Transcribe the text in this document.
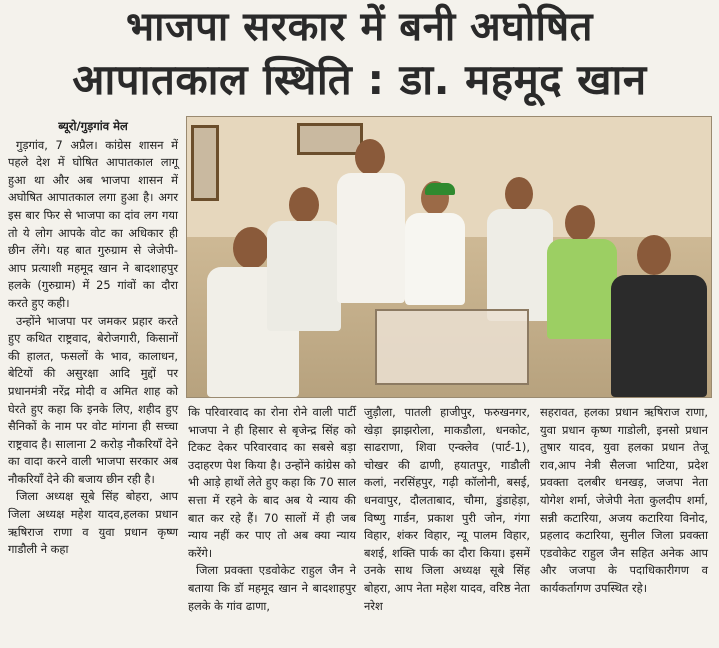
भाजपा सरकार में बनी अघोषित
आपातकाल स्थिति : डा. महमूद खान
ब्यूरो/गुड़गांव मेल

गुड़गांव, 7 अप्रैल। कांग्रेस शासन में पहले देश में घोषित आपातकाल लागू हुआ था और अब भाजपा शासन में अघोषित आपातकाल लगा हुआ है। अगर इस बार फिर से भाजपा का दांव लग गया तो ये लोग आपके वोट का अधिकार ही छीन लेंगे। यह बात गुरुग्राम से जेजेपी-आप प्रत्याशी महमूद खान ने बादशाहपुर हलके (गुरुग्राम) में 25 गांवों का दौरा करते हुए कही।

उन्होंने भाजपा पर जमकर प्रहार करते हुए कथित राष्ट्रवाद, बेरोजगारी, किसानों की हालत, फसलों के भाव, कालाधन, बेटियों की असुरक्षा आदि मुद्दों पर प्रधानमंत्री नरेंद्र मोदी व अमित शाह को घेरते हुए कहा कि इनके लिए, शहीद हुए सैनिकों के नाम पर वोट मांगना ही सच्चा राष्ट्रवाद है। सालाना 2 करोड़ नौकरियाँ देने का वादा करने वाली भाजपा सरकार अब नौकरियाँ देने की बजाय छीन रही है।

जिला अध्यक्ष सूबे सिंह बोहरा, आप जिला अध्यक्ष महेश यादव,हलका प्रधान ऋषिराज राणा व युवा प्रधान कृष्ण गाडौली ने कहा

कि परिवारवाद का रोना रोने वाली पार्टी भाजपा ने ही हिसार से बृजेन्द्र सिंह को टिकट देकर परिवारवाद का सबसे बड़ा उदाहरण पेश किया है। उन्होंने कांग्रेस को भी आड़े हाथों लेते हुए कहा कि 70 साल सत्ता में रहने के बाद अब ये न्याय की बात कर रहे हैं। 70 सालों में ही जब न्याय नहीं कर पाए तो अब क्या न्याय करेंगे।

जिला प्रवक्ता एडवोकेट राहुल जैन ने बताया कि डॉ महमूद खान ने बादशाहपुर हलके के गांव ढाणा,

जुड़ौला, पातली हाजीपुर, फरुखनगर, खेड़ा झाझरोला, माकडौला, धनकोट, साढराणा, शिवा एन्क्लेव (पार्ट-1), चोखर की ढाणी, हयातपुर, गाडौली कलां, नरसिंहपुर, गढ़ी कॉलोनी, बसई, धनवापुर, दौलताबाद, चौमा, डुंडाहेड़ा, विष्णु गार्डन, प्रकाश पुरी जोन, गंगा विहार, शंकर विहार, न्यू पालम विहार, बशई, शक्ति पार्क का दौरा किया। इसमें उनके साथ जिला अध्यक्ष सूबे सिंह बोहरा, आप नेता महेश यादव, वरिष्ठ नेता नरेश

सहरावत, हलका प्रधान ऋषिराज राणा, युवा प्रधान कृष्ण गाडोली, इनसो प्रधान तुषार यादव, युवा हलका प्रधान तेजू राव,आप नेत्री सैलजा भाटिया, प्रदेश प्रवक्ता दलबीर धनखड़, जजपा नेता योगेश शर्मा, जेजेपी नेता कुलदीप शर्मा, सन्नी कटारिया, अजय कटारिया विनोद, प्रहलाद कटारिया, सुनील जिला प्रवक्ता एडवोकेट राहुल जैन सहित अनेक आप और जजपा के पदाधिकारीगण व कार्यकर्तागण उपस्थित रहे।
